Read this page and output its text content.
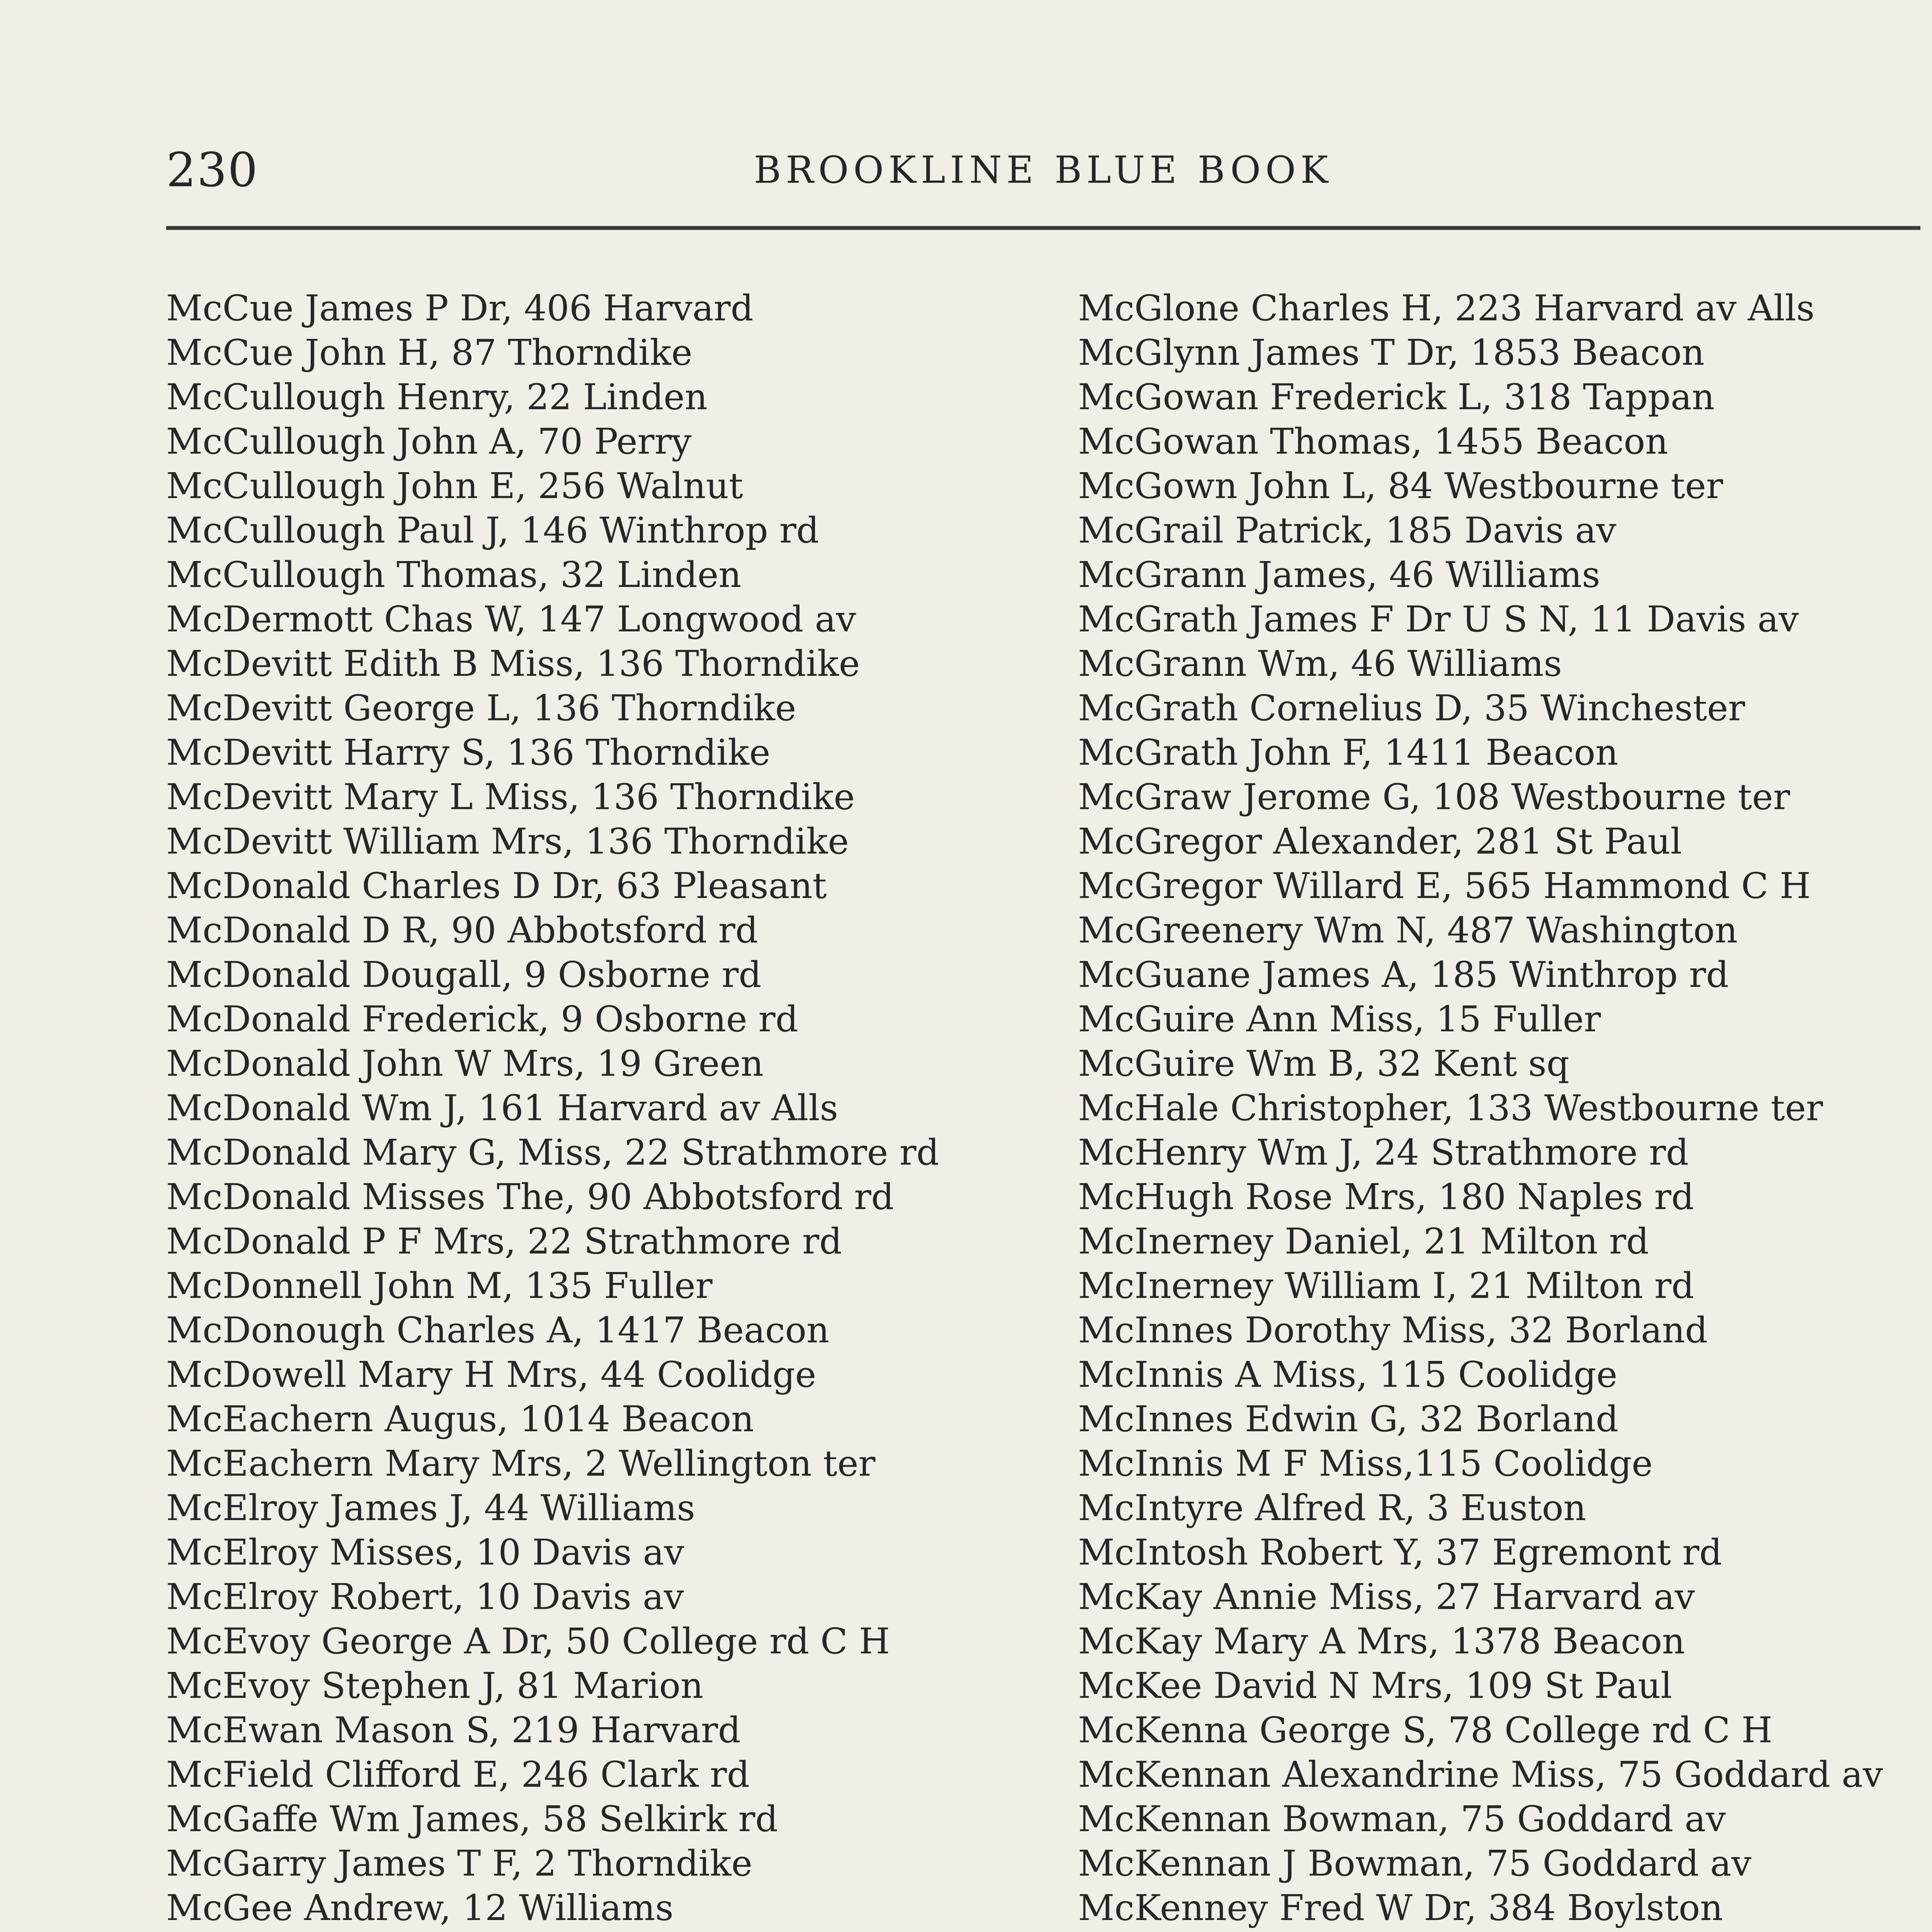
230	BROOKLINE BLUE BOOK
McCue James P Dr, 406 Harvard
McCue John H, 87 Thorndike
McCullough Henry, 22 Linden
McCullough John A, 70 Perry
McCullough John E, 256 Walnut
McCullough Paul J, 146 Winthrop rd
McCullough Thomas, 32 Linden
McDermott Chas W, 147 Longwood av
McDevitt Edith B Miss, 136 Thorndike
McDevitt George L, 136 Thorndike
McDevitt Harry S, 136 Thorndike
McDevitt Mary L Miss, 136 Thorndike
McDevitt William Mrs, 136 Thorndike
McDonald Charles D Dr, 63 Pleasant
McDonald D R, 90 Abbotsford rd
McDonald Dougall, 9 Osborne rd
McDonald Frederick, 9 Osborne rd
McDonald John W Mrs, 19 Green
McDonald Wm J, 161 Harvard av Alls
McDonald Mary G, Miss, 22 Strathmore rd
McDonald Misses The, 90 Abbotsford rd
McDonald P F Mrs, 22 Strathmore rd
McDonnell John M, 135 Fuller
McDonough Charles A, 1417 Beacon
McDowell Mary H Mrs, 44 Coolidge
McEachern Augus, 1014 Beacon
McEachern Mary Mrs, 2 Wellington ter
McElroy James J, 44 Williams
McElroy Misses, 10 Davis av
McElroy Robert, 10 Davis av
McEvoy George A Dr, 50 College rd C H
McEvoy Stephen J, 81 Marion
McEwan Mason S, 219 Harvard
McField Clifford E, 246 Clark rd
McGaffe Wm James, 58 Selkirk rd
McGarry James T F, 2 Thorndike
McGee Andrew, 12 Williams
McGlone Charles H, 223 Harvard av Alls
McGlynn James T Dr, 1853 Beacon
McGowan Frederick L, 318 Tappan
McGowan Thomas, 1455 Beacon
McGown John L, 84 Westbourne ter
McGrail Patrick, 185 Davis av
McGrann James, 46 Williams
McGrath James F Dr U S N, 11 Davis av
McGrann Wm, 46 Williams
McGrath Cornelius D, 35 Winchester
McGrath John F, 1411 Beacon
McGraw Jerome G, 108 Westbourne ter
McGregor Alexander, 281 St Paul
McGregor Willard E, 565 Hammond C H
McGreenery Wm N, 487 Washington
McGuane James A, 185 Winthrop rd
McGuire Ann Miss, 15 Fuller
McGuire Wm B, 32 Kent sq
McHale Christopher, 133 Westbourne ter
McHenry Wm J, 24 Strathmore rd
McHugh Rose Mrs, 180 Naples rd
McInerney Daniel, 21 Milton rd
McInerney William I, 21 Milton rd
McInnes Dorothy Miss, 32 Borland
McInnis A Miss, 115 Coolidge
McInnes Edwin G, 32 Borland
McInnis M F Miss,115 Coolidge
McIntyre Alfred R, 3 Euston
McIntosh Robert Y, 37 Egremont rd
McKay Annie Miss, 27 Harvard av
McKay Mary A Mrs, 1378 Beacon
McKee David N Mrs, 109 St Paul
McKenna George S, 78 College rd C H
McKennan Alexandrine Miss, 75 Goddard av
McKennan Bowman, 75 Goddard av
McKennan J Bowman, 75 Goddard av
McKenney Fred W Dr, 384 Boylston
